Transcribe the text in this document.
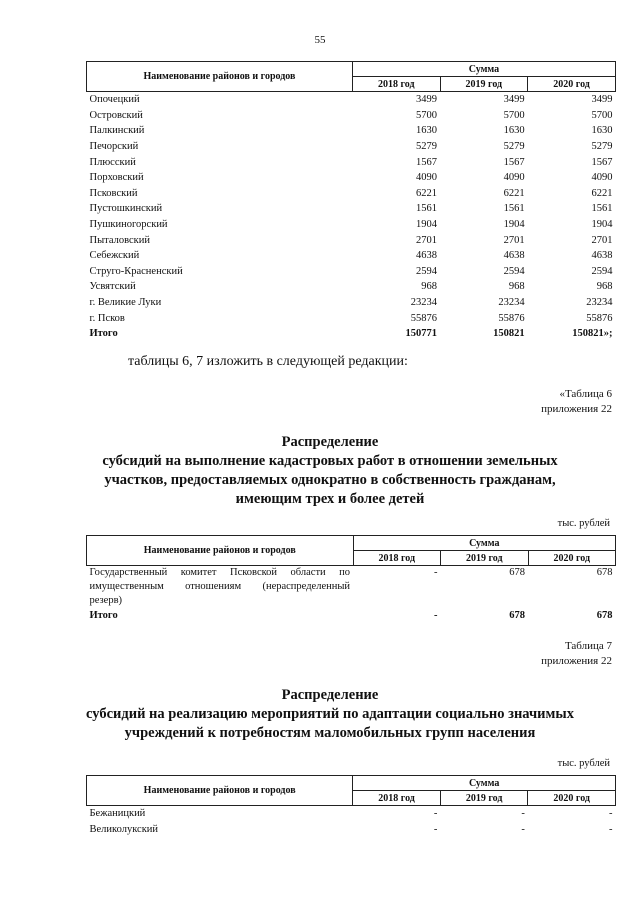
55
Наименование районов и городов	Сумма		
	2018 год	2019 год	2020 год
Опочецкий	3499	3499	3499
Островский	5700	5700	5700
Палкинский	1630	1630	1630
Печорский	5279	5279	5279
Плюсский	1567	1567	1567
Порховский	4090	4090	4090
Псковский	6221	6221	6221
Пустошкинский	1561	1561	1561
Пушкиногорский	1904	1904	1904
Пыталовский	2701	2701	2701
Себежский	4638	4638	4638
Струго-Красненский	2594	2594	2594
Усвятский	968	968	968
г. Великие Луки	23234	23234	23234
г. Псков	55876	55876	55876
Итого	150771	150821	150821»;
таблицы 6, 7 изложить в следующей редакции:
«Таблица 6
приложения 22
Распределение
субсидий на выполнение кадастровых работ в отношении земельных
участков, предоставляемых однократно в собственность гражданам,
имеющим трех и более детей
тыс. рублей
Наименование районов и городов	Сумма		
	2018 год	2019 год	2020 год

Государственный комитет Псковской области по
имущественным отношениям (нераспределенный
резерв)	-	678	678
Итого	-	678	678
Таблица 7
приложения 22
Распределение
субсидий на реализацию мероприятий по адаптации социально значимых
учреждений к потребностям маломобильных групп населения
тыс. рублей
Наименование районов и городов	Сумма		
	2018 год	2019 год	2020 год
Бежаницкий	-	-	-
Великолукский	-	-	-
